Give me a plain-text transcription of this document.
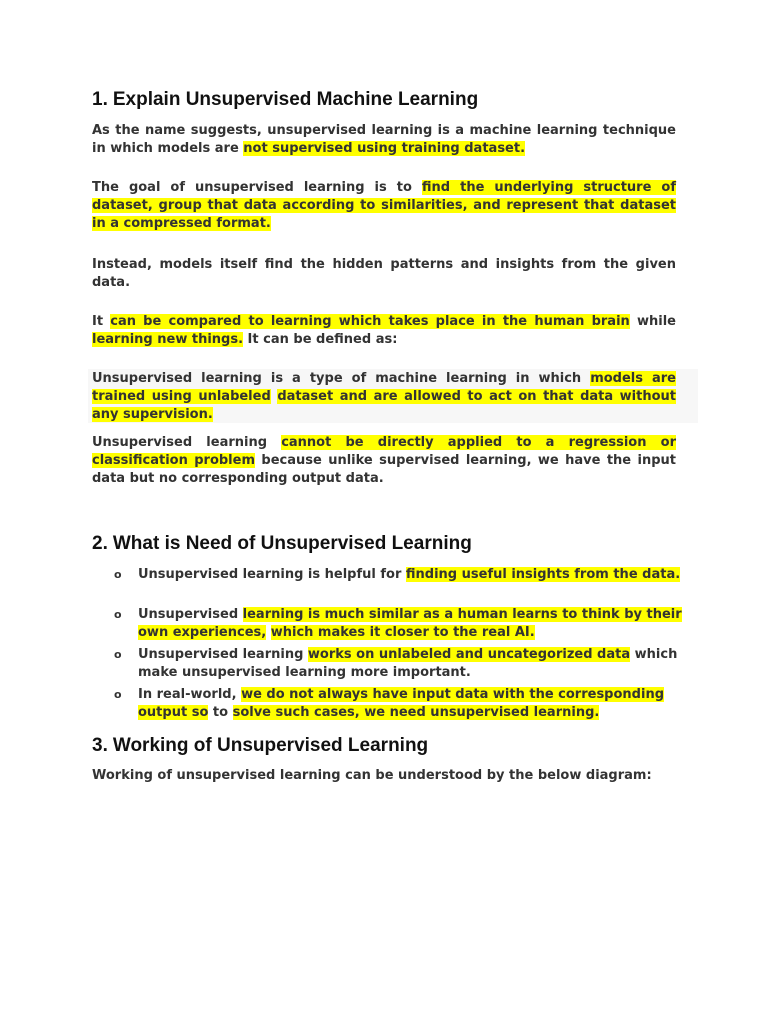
1. Explain Unsupervised Machine Learning

As the name suggests, unsupervised learning is a machine learning technique in which models are not supervised using training dataset.

The goal of unsupervised learning is to find the underlying structure of dataset, group that data according to similarities, and represent that dataset in a compressed format.

Instead, models itself find the hidden patterns and insights from the given data.

It can be compared to learning which takes place in the human brain while learning new things. It can be defined as:

Unsupervised learning is a type of machine learning in which models are trained using unlabeled dataset and are allowed to act on that data without any supervision.

Unsupervised learning cannot be directly applied to a regression or classification problem because unlike supervised learning, we have the input data but no corresponding output data.

2. What is Need of Unsupervised Learning
o Unsupervised learning is helpful for finding useful insights from the data.
o Unsupervised learning is much similar as a human learns to think by their own experiences, which makes it closer to the real AI.
o Unsupervised learning works on unlabeled and uncategorized data which make unsupervised learning more important.
o In real-world, we do not always have input data with the corresponding output so to solve such cases, we need unsupervised learning.
3. Working of Unsupervised Learning

Working of unsupervised learning can be understood by the below diagram:
